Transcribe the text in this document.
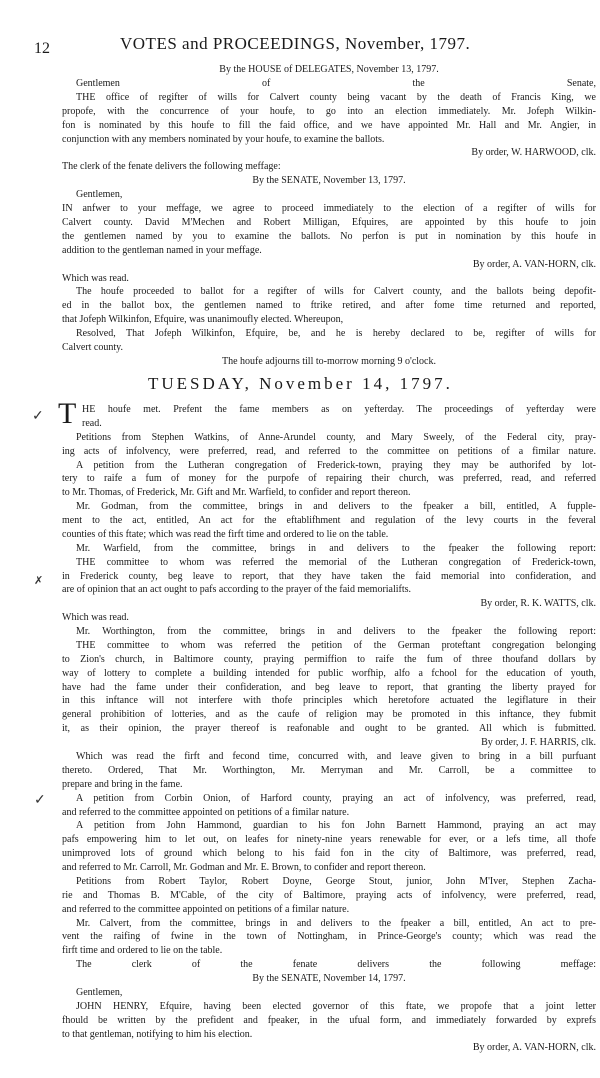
12	VOTES and PROCEEDINGS, November, 1797.
By the HOUSE of DELEGATES, November 13, 1797.
Gentlemen of the Senate,
THE office of regifter of wills for Calvert county being vacant by the death of Francis King, we
propofe, with the concurrence of your houfe, to go into an election immediately. Mr. Jofeph Wilkin-
fon is nominated by this houfe to fill the faid office, and we have appointed Mr. Hall and Mr. Angier, in
conjunction with any members nominated by your houfe, to examine the ballots.
By order, W. HARWOOD, clk.
The clerk of the fenate delivers the following meffage:
By the SENATE, November 13, 1797.
Gentlemen,
IN anfwer to your meffage, we agree to proceed immediately to the election of a regifter of wills for
Calvert county. David M'Mechen and Robert Milligan, Efquires, are appointed by this houfe to join
the gentlemen named by you to examine the ballots. No perfon is put in nomination by this houfe in
addition to the gentleman named in your meffage.
By order, A. VAN-HORN, clk.
Which was read.
The houfe proceeded to ballot for a regifter of wills for Calvert county, and the ballots being depofit-
ed in the ballot box, the gentlemen named to ftrike retired, and after fome time returned and reported,
that Jofeph Wilkinfon, Efquire, was unanimoufly elected. Whereupon,
Resolved, That Jofeph Wilkinfon, Efquire, be, and he is hereby declared to be, regifter of wills for
Calvert county.
The houfe adjourns till to-morrow morning 9 o'clock.
TUESDAY, November 14, 1797.
T HE houfe met. Prefent the fame members as on yefterday. The proceedings of yefterday were
read.
Petitions from Stephen Watkins, of Anne-Arundel county, and Mary Sweely, of the Federal city, pray-
ing acts of infolvency, were preferred, read, and referred to the committee on petitions of a fimilar nature.
A petition from the Lutheran congregation of Frederick-town, praying they may be authorifed by lot-
tery to raife a fum of money for the purpofe of repairing their church, was preferred, read, and referred
to Mr. Thomas, of Frederick, Mr. Gift and Mr. Warfield, to confider and report thereon.
Mr. Godman, from the committee, brings in and delivers to the fpeaker a bill, entitled, A fupple-
ment to the act, entitled, An act for the eftablifhment and regulation of the levy courts in the feveral
counties of this ftate; which was read the firft time and ordered to lie on the table.
Mr. Warfield, from the committee, brings in and delivers to the fpeaker the following report:
THE committee to whom was referred the memorial of the Lutheran congregation of Frederick-town,
in Frederick county, beg leave to report, that they have taken the faid memorial into confideration, and
are of opinion that an act ought to pafs according to the prayer of the faid memorialifts.
By order, R. K. WATTS, clk.
Which was read.
Mr. Worthington, from the committee, brings in and delivers to the fpeaker the following report:
THE committee to whom was referred the petition of the German proteftant congregation belonging
to Zion's church, in Baltimore county, praying permiffion to raife the fum of three thoufand dollars by
way of lottery to complete a building intended for public worfhip, alfo a fchool for the education of youth,
have had the fame under their confideration, and beg leave to report, that granting the liberty prayed for
in this inftance will not interfere with thofe principles which heretofore actuated the legiflature in their
general prohibition of lotteries, and as the caufe of religion may be promoted in this inftance, they fubmit
it, as their opinion, the prayer thereof is reafonable and ought to be granted. All which is fubmitted.
By order, J. F. HARRIS, clk.
Which was read the firft and fecond time, concurred with, and leave given to bring in a bill purfuant
thereto. Ordered, That Mr. Worthington, Mr. Merryman and Mr. Carroll, be a committee to
prepare and bring in the fame.
A petition from Corbin Onion, of Harford county, praying an act of infolvency, was preferred, read,
and referred to the committee appointed on petitions of a fimilar nature.
A petition from John Hammond, guardian to his fon John Barnett Hammond, praying an act may
pafs empowering him to let out, on leafes for ninety-nine years renewable for ever, or a lefs time, all thofe
unimproved lots of ground which belong to his faid fon in the city of Baltimore, was preferred, read,
and referred to Mr. Carroll, Mr. Godman and Mr. E. Brown, to confider and report thereon.
Petitions from Robert Taylor, Robert Doyne, George Stout, junior, John M'Iver, Stephen Zacha-
rie and Thomas B. M'Cable, of the city of Baltimore, praying acts of infolvency, were preferred, read,
and referred to the committee appointed on petitions of a fimilar nature.
Mr. Calvert, from the committee, brings in and delivers to the fpeaker a bill, entitled, An act to pre-
vent the raifing of fwine in the town of Nottingham, in Prince-George's county; which was read the
firft time and ordered to lie on the table.
The clerk of the fenate delivers the following meffage:
By the SENATE, November 14, 1797.
Gentlemen,
JOHN HENRY, Efquire, having been elected governor of this ftate, we propofe that a joint letter
fhould be written by the prefident and fpeaker, in the ufual form, and immediately forwarded by exprefs
to that gentleman, notifying to him his election.
By order, A. VAN-HORN, clk.
✓
✗
✓
